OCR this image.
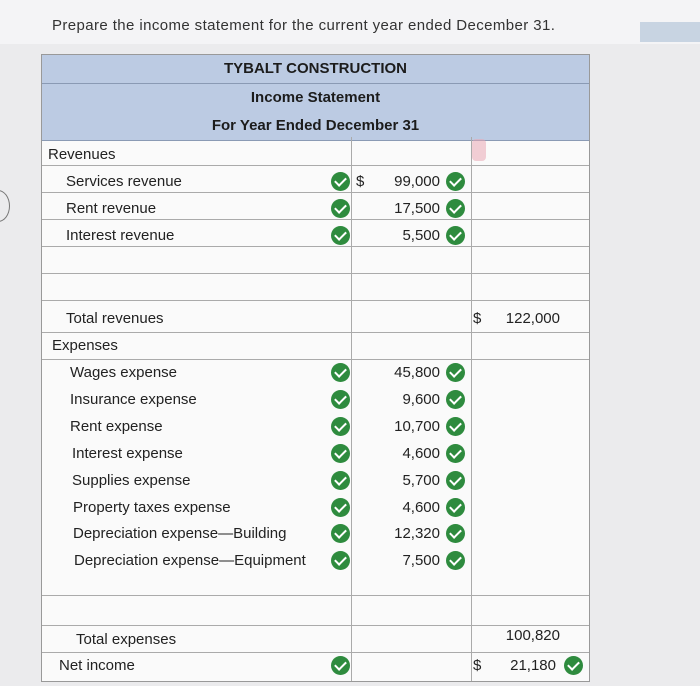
Prepare the income statement for the current year ended December 31.
TYBALT CONSTRUCTION
Income Statement
For Year Ended December 31
Revenues
Services revenue	$	99,000
Rent revenue	17,500
Interest revenue	5,500
Total revenues	$	122,000
Expenses
Wages expense	45,800
Insurance expense	9,600
Rent expense	10,700
Interest expense	4,600
Supplies expense	5,700
Property taxes expense	4,600
Depreciation expense—Building	12,320
Depreciation expense—Equipment	7,500
Total expenses	100,820
Net income	$	21,180
